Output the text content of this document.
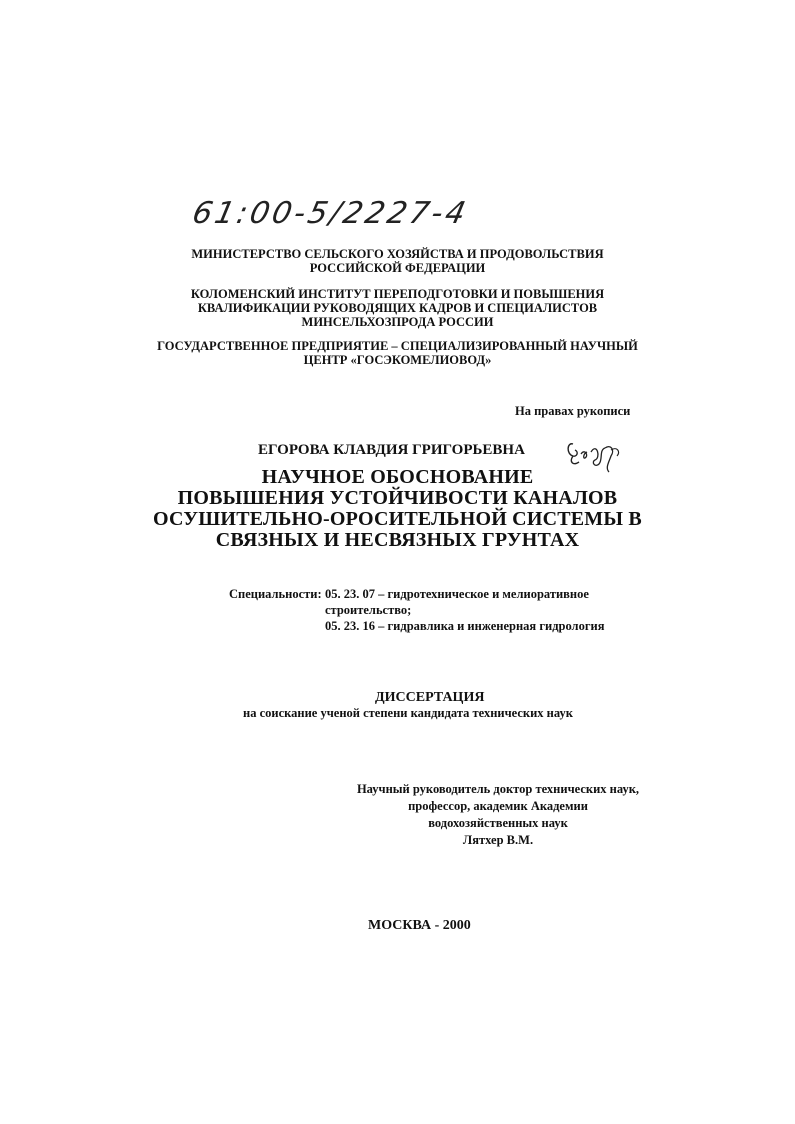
61:00-5/2227-4
МИНИСТЕРСТВО СЕЛЬСКОГО ХОЗЯЙСТВА И ПРОДОВОЛЬСТВИЯ
РОССИЙСКОЙ ФЕДЕРАЦИИ
КОЛОМЕНСКИЙ ИНСТИТУТ ПЕРЕПОДГОТОВКИ И ПОВЫШЕНИЯ
КВАЛИФИКАЦИИ РУКОВОДЯЩИХ КАДРОВ И СПЕЦИАЛИСТОВ
МИНСЕЛЬХОЗПРОДА РОССИИ
ГОСУДАРСТВЕННОЕ ПРЕДПРИЯТИЕ – СПЕЦИАЛИЗИРОВАННЫЙ НАУЧНЫЙ
ЦЕНТР «ГОСЭКОМЕЛИОВОД»
На правах рукописи
ЕГОРОВА КЛАВДИЯ ГРИГОРЬЕВНА
НАУЧНОЕ ОБОСНОВАНИЕ
ПОВЫШЕНИЯ УСТОЙЧИВОСТИ КАНАЛОВ
ОСУШИТЕЛЬНО-ОРОСИТЕЛЬНОЙ СИСТЕМЫ В
СВЯЗНЫХ И НЕСВЯЗНЫХ ГРУНТАХ
Специальности: 05. 23. 07 – гидротехническое и мелиоративное
строительство;
05. 23. 16 – гидравлика и инженерная гидрология
ДИССЕРТАЦИЯ
на соискание ученой степени кандидата технических наук
Научный руководитель доктор технических наук,
профессор, академик Академии
водохозяйственных наук
Лятхер В.М.
МОСКВА - 2000
